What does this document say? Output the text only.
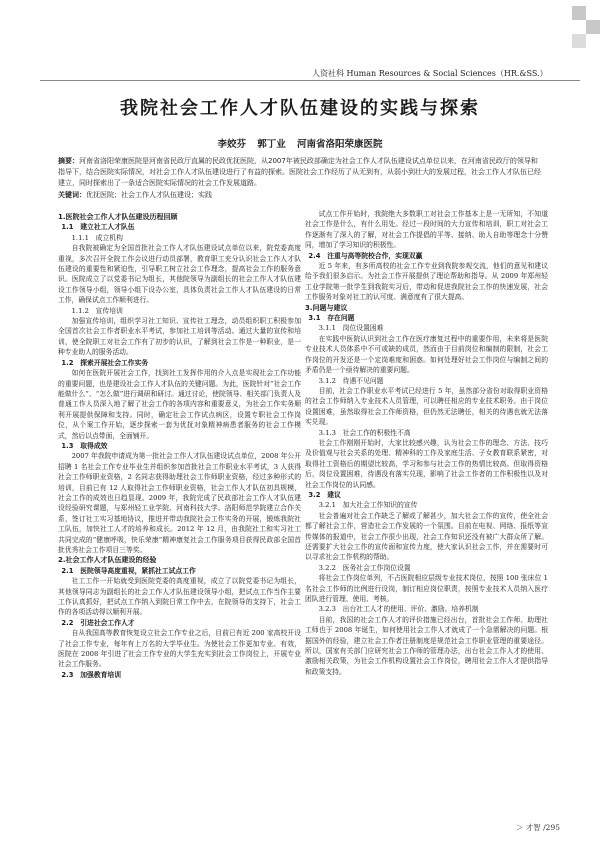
人资社科 Human Resources & Social Sciences（HR.&SS.）
我院社会工作人才队伍建设的实践与探索
李姣芬 郭丁业 河南省洛阳荣康医院
摘要：河南省洛阳荣康医院是河南省民政厅直属的民政优抚医院，从2007年被民政部确定为社会工作人才队伍建设试点单位以来，在河南省民政厅的领导和指导下，结合医院实际情况，对社会工作人才队伍建设进行了有益的探索。医院社会工作经历了从无到有，从弱小到壮大的发展过程，社会工作人才队伍已经建立，同时探索出了一条适合医院实际情况的社会工作发展道路。
关键词：优抚医院；社会工作人才队伍建设；实践

1.医院社会工作人才队伍建设历程回顾

1.1　建立社工人才队伍

1.1.1　成立机构

自我院被确定为全国首批社会工作人才队伍建设试点单位以来，院党委高度重视，多次召开全院工作会议进行动员部署，教育职工充分认识社会工作人才队伍建设的重要性和紧迫性，引导职工树立社会工作理念，提高社会工作的服务意识。医院成立了以党委书记为组长，其他院领导为副组长的社会工作人才队伍建设工作领导小组，领导小组下设办公室，具体负责社会工作人才队伍建设的日常工作，确保试点工作顺利进行。

1.1.2　宣传培训

加强宣传培训，组织学习社工知识、宣传社工理念，动员组织职工积极参加全国首次社会工作者职业水平考试，参加社工培训等活动。通过大量的宣传和培训，使全院职工对社会工作有了初步的认识，了解到社会工作是一种职业，是一种专业助人的服务活动。

1.2　探索开展社会工作实务

如何在医院开展社会工作，找到社工发挥作用的介入点是实现社会工作功能的重要问题，也是建设社会工作人才队伍的关键问题。为此，医院针对“社会工作能做什么”、“怎么做”进行调研和研讨。通过讨论，使院领导、相关部门负责人及普通工作人员深入地了解了社会工作的各项内容和重要意义，为社会工作实务顺利开展提供保障和支持。同时，确定社会工作试点病区，设置专职社会工作岗位，从个案工作开始，逐步探索一套为优抚对象精神病患者服务的社会工作模式，然后以点带面，全面铺开。

1.3　取得成效

2007 年我院申请成为第一批社会工作人才队伍建设试点单位，2008 年公开招聘 1 名社会工作专业毕业生并组织参加首批社会工作职业水平考试，3 人获得社会工作师职业资格，2 名同志获得助理社会工作师职业资格，经过多种形式的培训，目前已有 12 人取得社会工作师职业资格，社会工作人才队伍初具规模，社会工作的成效也日趋显现。2009 年，我院完成了民政部社会工作人才队伍建设经验研究课题，与郑州轻工业学院、河南科技大学、洛阳师范学院建立合作关系，签订社工实习基地协议，推进并带动我院社会工作实务的开展，锻炼我院社工队伍，加快社工人才的培养和成长。2012 年 12 月，由我院社工和实习社工共同完成的“健康呼吸，快乐荣康”精神康复社会工作服务项目获得民政部全国首批优秀社会工作项目三等奖。

2.社会工作人才队伍建设的经验

2.1　医院领导高度重视，紧抓社工试点工作

社工工作一开始就受到医院党委的高度重视，成立了以院党委书记为组长，其他领导同志为副组长的社会工作人才队伍建设领导小组，把试点工作当作主要工作认真抓好，把试点工作纳入到院日常工作中去，在院领导的支持下，社会工作的各项活动得以顺利开展。

2.2　引进社会工作人才

自从我国高等教育恢复设立社会工作专业之后，目前已有近 200 家高校开设了社会工作专业，每年有上万名的大学毕业生。为使社会工作更加专业、有效，医院在 2008 年引进了社会工作专业的大学生充实到社会工作岗位上，开展专业社会工作服务。

2.3　加强教育培训

试点工作开始时，我院绝大多数职工对社会工作基本上是一无所知，不知道社会工作是什么，有什么用处。经过一段时间的大力宣传和培训，职工对社会工作逐渐有了深入的了解，对社会工作提倡的平等、接纳、助人自助等理念十分赞同，增加了学习知识的积极性。

2.4　注重与高等院校合作，实现双赢

近 5 年来，有多所高校的社会工作专业到我院参观交流，他们的意见和建议给予我们很多启示。为社会工作开展提供了理论帮助和指导。从 2009 年郑州轻工业学院第一批学生到我院实习后，带动和促进我院社会工作的快速发展，社会工作服务对象对社工的认可度、满意度有了很大提高。

3.问题与建议

3.1　存在问题

3.1.1　岗位设置困难

在实践中医院认识到社会工作在医疗康复过程中的重要作用，未来将是医院专业技术人员体系中不可或缺的成员，然而由于目前岗位和编制的限制，社会工作岗位的开发还是一个定岗难度和困惑。如何处理好社会工作岗位与编制之间的矛盾仍是一个亟待解决的重要问题。

3.1.2　待遇不见问题

目前，社会工作职业水平考试已经进行 5 年，虽然部分省份对取得职业资格的社会工作师纳入专业技术人员管理，可以聘任相应的专业技术职务。由于岗位设置困难，虽然取得社会工作师资格，但仍然无法聘任，相关的待遇也就无法落实兑现。

3.1.3　社会工作的积极性不高

社会工作刚刚开始时，大家比较感兴趣，认为社会工作的理念、方法、技巧及价值观与社会关系的处理、精神科的工作及家庭生活、子女教育联系紧密，对取得社工资格后的期望比较高，学习和参与社会工作的热情比较高。但取得资格后，岗位设置困难，待遇没有落实兑现，影响了社会工作者的工作积极性以及对社会工作岗位的认同感。

3.2　建议

3.2.1　加大社会工作知识的宣传

社会普遍对社会工作缺乏了解或了解甚少，加大社会工作的宣传，使全社会都了解社会工作，营造社会工作发展的一个氛围。目前在电视、网络、报纸等宣传媒体的报道中，社会工作很少出现，社会工作知识还没有被广大群众所了解。还需要扩大社会工作的宣传面和宣传力度，使大家认识社会工作，并在需要时可以寻求社会工作机构的帮助。

3.2.2　医务社会工作岗位设置

将社会工作岗位单列，不占医院相应层级专业技术岗位，按照 100 张床位 1 名社会工作师的比例进行设岗，制订相应岗位职责，按照专业技术人员纳入医疗团队进行管理、使用、考核。

3.2.3　出台社工人才的使用、评价、激励、培养机制

目前，我国的社会工作人才的评价措施已经出台，首批社会工作师、助理社工师也于 2008 年诞生，如何使用社会工作人才就成了一个急需解决的问题。根据国外的经验，建立社会工作者注册制度是规范社会工作职业管理的重要途径。所以，国家有关部门应研究社会工作师的管理办法，出台社会工作人才的使用、激励相关政策，为社会工作机构设置社会工作岗位，聘用社会工作人才提供指导和政策支持。

＞ 才智 /295
